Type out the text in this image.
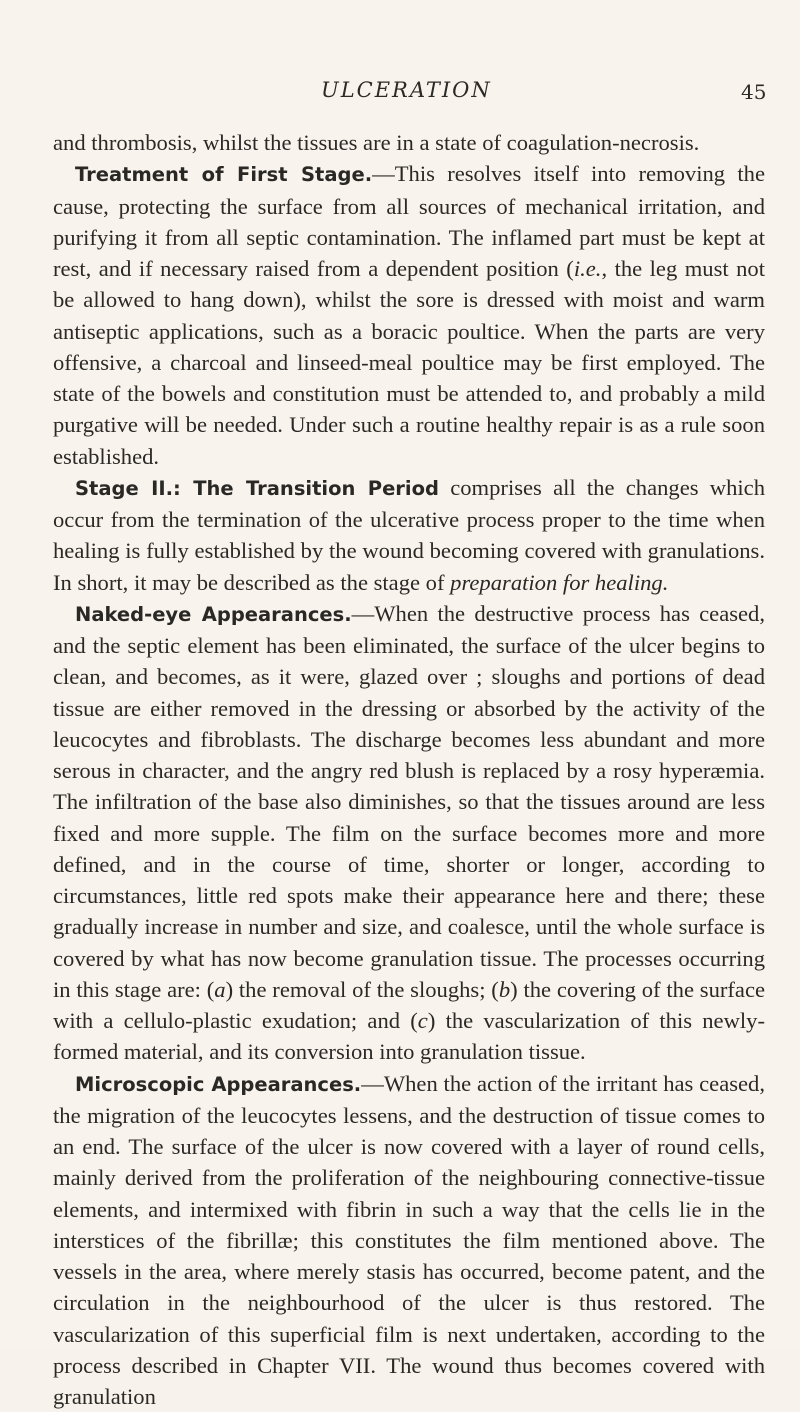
ULCERATION	45

and thrombosis, whilst the tissues are in a state of coagulation-necrosis.

Treatment of First Stage.—This resolves itself into removing the cause, protecting the surface from all sources of mechanical irritation, and purifying it from all septic contamination. The inflamed part must be kept at rest, and if necessary raised from a dependent position (i.e., the leg must not be allowed to hang down), whilst the sore is dressed with moist and warm antiseptic applications, such as a boracic poultice. When the parts are very offensive, a charcoal and linseed-meal poultice may be first employed. The state of the bowels and constitution must be attended to, and probably a mild purgative will be needed. Under such a routine healthy repair is as a rule soon established.

Stage II.: The Transition Period comprises all the changes which occur from the termination of the ulcerative process proper to the time when healing is fully established by the wound becoming covered with granulations. In short, it may be described as the stage of preparation for healing.

Naked-eye Appearances.—When the destructive process has ceased, and the septic element has been eliminated, the surface of the ulcer begins to clean, and becomes, as it were, glazed over ; sloughs and portions of dead tissue are either removed in the dressing or absorbed by the activity of the leucocytes and fibroblasts. The discharge becomes less abundant and more serous in character, and the angry red blush is replaced by a rosy hyperæmia. The infiltration of the base also diminishes, so that the tissues around are less fixed and more supple. The film on the surface becomes more and more defined, and in the course of time, shorter or longer, according to circumstances, little red spots make their appearance here and there; these gradually increase in number and size, and coalesce, until the whole surface is covered by what has now become granulation tissue. The processes occurring in this stage are: (a) the removal of the sloughs; (b) the covering of the surface with a cellulo-plastic exudation; and (c) the vascularization of this newly-formed material, and its conversion into granulation tissue.

Microscopic Appearances.—When the action of the irritant has ceased, the migration of the leucocytes lessens, and the destruction of tissue comes to an end. The surface of the ulcer is now covered with a layer of round cells, mainly derived from the proliferation of the neighbouring connective-tissue elements, and intermixed with fibrin in such a way that the cells lie in the interstices of the fibrillæ; this constitutes the film mentioned above. The vessels in the area, where merely stasis has occurred, become patent, and the circulation in the neighbourhood of the ulcer is thus restored. The vascularization of this superficial film is next undertaken, according to the process described in Chapter VII. The wound thus becomes covered with granulation
